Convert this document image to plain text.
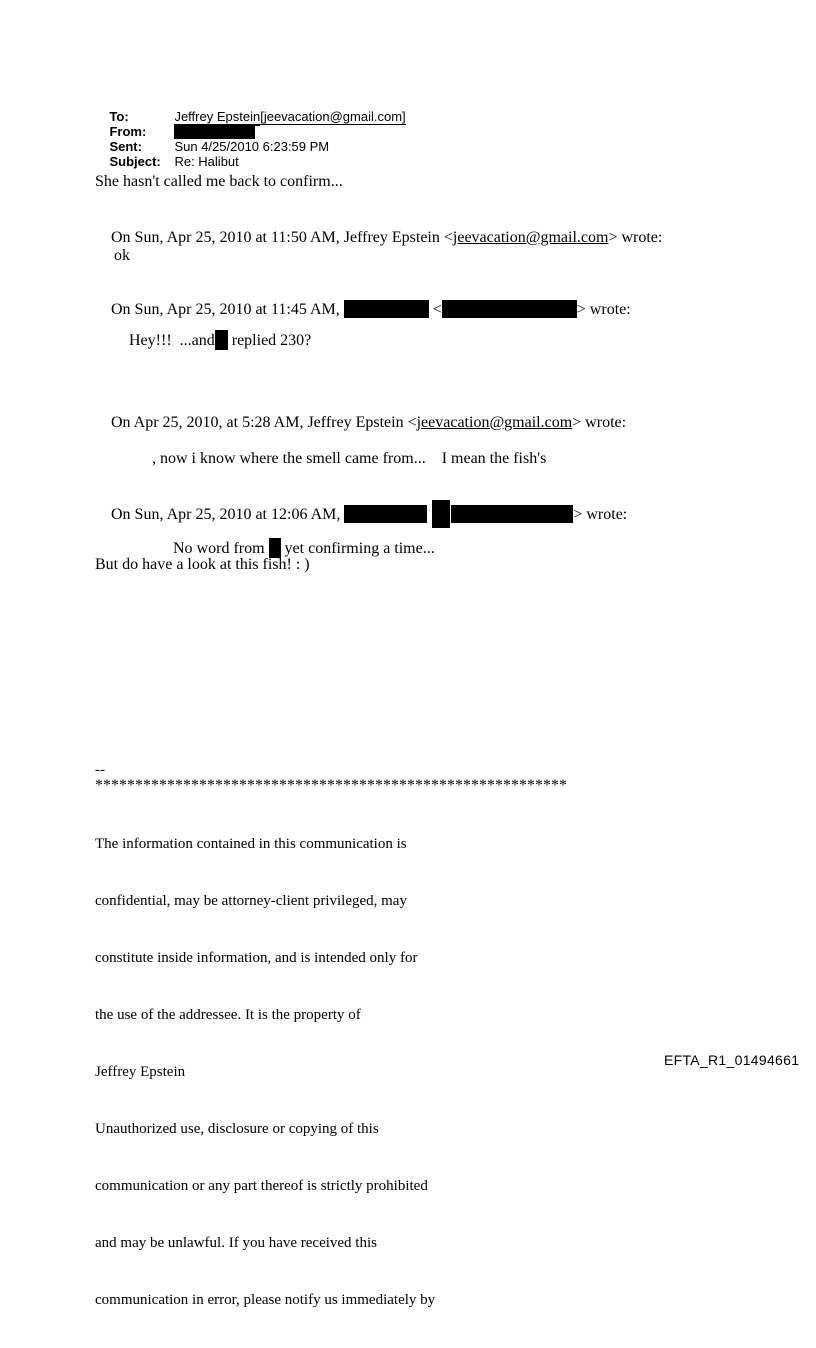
To:	Jeffrey Epstein[jeevacation@gmail.com]

From:

Sent:	Sun 4/25/2010 6:23:59 PM

Subject: Re: Halibut

She hasn't called me back to confirm...

On Sun, Apr 25, 2010 at 11:50 AM, Jeffrey Epstein <jeevacation@gmail.com> wrote:

ok

On Sun, Apr 25, 2010 at 11:45 AM,	<	> wrote:

Hey!!!  ...and replied 230?

On Apr 25, 2010, at 5:28 AM, Jeffrey Epstein <jeevacation@gmail.com> wrote:

, now i know where the smell came from...    I mean the fish's

On Sun, Apr 25, 2010 at 12:06 AM,	> wrote:

No word from  yet confirming a time...

But do have a look at this fish! : )
--
***********************************************************

The information contained in this communication is

confidential, may be attorney-client privileged, may

constitute inside information, and is intended only for

the use of the addressee. It is the property of

Jeffrey Epstein

Unauthorized use, disclosure or copying of this

communication or any part thereof is strictly prohibited

and may be unlawful. If you have received this

communication in error, please notify us immediately by

EFTA_R1_01494661
